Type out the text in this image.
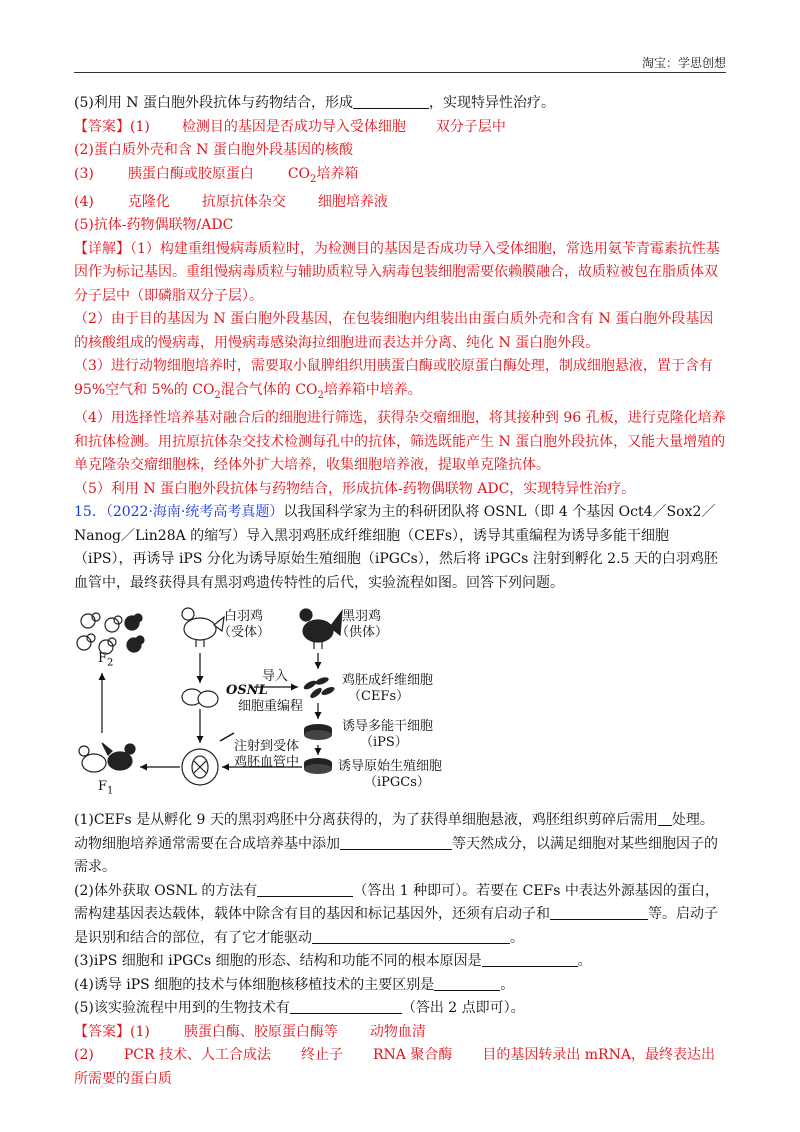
淘宝：学思创想
(5)利用 N 蛋白胞外段抗体与药物结合，形成	，实现特异性治疗。
【答案】(1) 检测目的基因是否成功导入受体细胞 双分子层中
(2)蛋白质外壳和含 N 蛋白胞外段基因的核酸
(3) 胰蛋白酶或胶原蛋白 $CO_2$培养箱
(4) 克隆化 抗原抗体杂交 细胞培养液
(5)抗体-药物偶联物/ADC
【详解】（1）构建重组慢病毒质粒时，为检测目的基因是否成功导入受体细胞，常选用氨苄青霉素抗性基因作为标记基因。重组慢病毒质粒与辅助质粒导入病毒包装细胞需要依赖膜融合，故质粒被包在脂质体双分子层中（即磷脂双分子层）。
（2）由于目的基因为 N 蛋白胞外段基因，在包装细胞内组装出由蛋白质外壳和含有 N 蛋白胞外段基因的核酸组成的慢病毒，用慢病毒感染海拉细胞进而表达并分离、纯化 N 蛋白胞外段。
（3）进行动物细胞培养时，需要取小鼠脾组织用胰蛋白酶或胶原蛋白酶处理，制成细胞悬液，置于含有95%空气和 5%的 $CO_2$混合气体的 $CO_2$培养箱中培养。
（4）用选择性培养基对融合后的细胞进行筛选，获得杂交瘤细胞，将其接种到 96 孔板，进行克隆化培养和抗体检测。用抗原抗体杂交技术检测每孔中的抗体，筛选既能产生 N 蛋白胞外段抗体，又能大量增殖的单克隆杂交瘤细胞株，经体外扩大培养，收集细胞培养液，提取单克隆抗体。
（5）利用 N 蛋白胞外段抗体与药物结合，形成抗体-药物偶联物 ADC，实现特异性治疗。
15．（2022·海南·统考高考真题）以我国科学家为主的科研团队将 OSNL（即 4 个基因 Oct4／Sox2／Nanog／Lin28A 的缩写）导入黑羽鸡胚成纤维细胞（CEFs），诱导其重编程为诱导多能干细胞（iPS），再诱导 iPS 分化为诱导原始生殖细胞（iPGCs），然后将 iPGCs 注射到孵化 2.5 天的白羽鸡胚血管中，最终获得具有黑羽鸡遗传特性的后代，实验流程如图。回答下列问题。
白羽鸡
（受体）
黑羽鸡
（供体）
导入
OSNL
细胞重编程
鸡胚成纤维细胞
（CEFs）
诱导多能干细胞
（iPS）
诱导原始生殖细胞
（iPGCs）
注射到受体
鸡胚血管中
$F_2$
$F_1$
(1)CEFs 是从孵化 9 天的黑羽鸡胚中分离获得的，为了获得单细胞悬液，鸡胚组织剪碎后需用 处理。动物细胞培养通常需要在合成培养基中添加	等天然成分，以满足细胞对某些细胞因子的需求。
(2)体外获取 OSNL 的方法有	（答出 1 种即可）。若要在 CEFs 中表达外源基因的蛋白，需构建基因表达载体，载体中除含有目的基因和标记基因外，还须有启动子和	等。启动子是识别和结合的部位，有了它才能驱动	。
(3)iPS 细胞和 iPGCs 细胞的形态、结构和功能不同的根本原因是	。
(4)诱导 iPS 细胞的技术与体细胞核移植技术的主要区别是	。
(5)该实验流程中用到的生物技术有	（答出 2 点即可）。
【答案】(1) 胰蛋白酶、胶原蛋白酶等 动物血清
(2) PCR 技术、人工合成法 终止子 RNA 聚合酶 目的基因转录出 mRNA，最终表达出
所需要的蛋白质
